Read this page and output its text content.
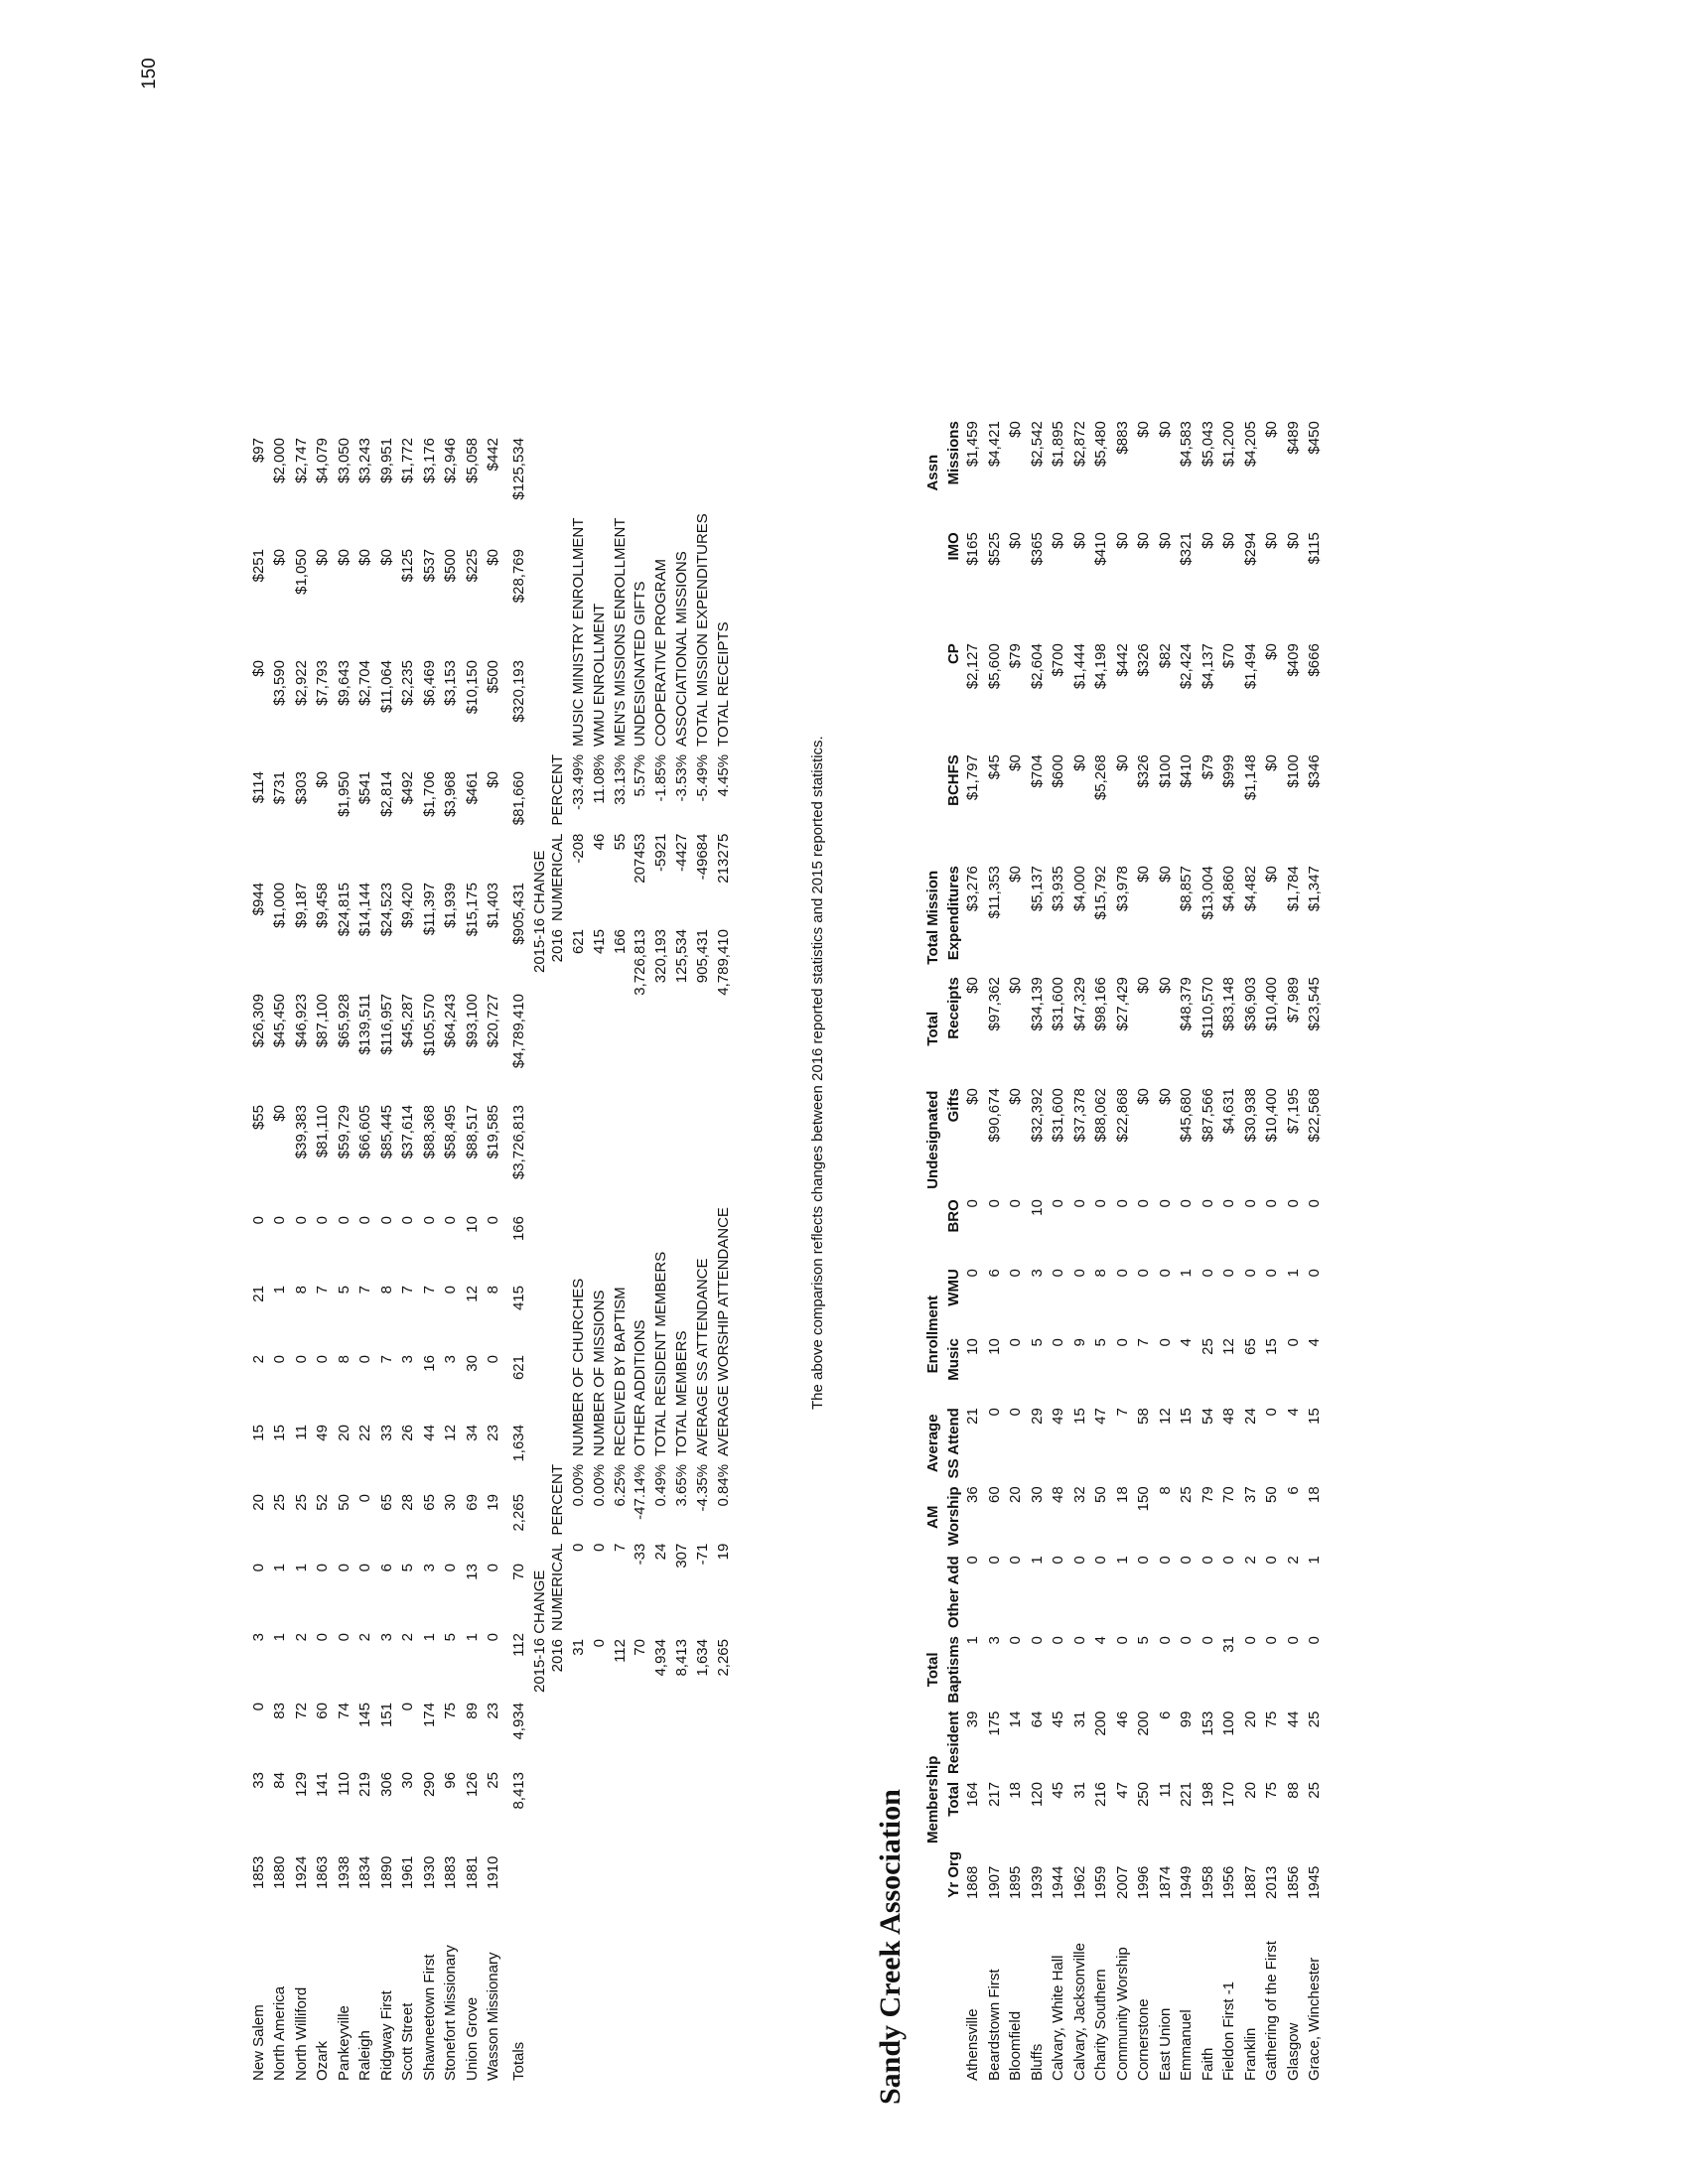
150
New Salem	1853	33	0	3	0	20	15	2	21	0	$55	$26,309	$944	$114	$0	$251	$97
North America	1880	84	83	1	1	25	15	0	1	0	$0	$45,450	$1,000	$731	$3,590	$0	$2,000
North Williford	1924	129	72	2	1	25	11	0	8	0	$39,383	$46,923	$9,187	$303	$2,922	$1,050	$2,747
Ozark	1863	141	60	0	0	52	49	0	7	0	$81,110	$87,100	$9,458	$0	$7,793	$0	$4,079
Pankeyville	1938	110	74	0	0	50	20	8	5	0	$59,729	$65,928	$24,815	$1,950	$9,643	$0	$3,050
Raleigh	1834	219	145	2	0	0	22	0	7	0	$66,605	$139,511	$14,144	$541	$2,704	$0	$3,243
Ridgway First	1890	306	151	3	6	65	33	7	8	0	$85,445	$116,957	$24,523	$2,814	$11,064	$0	$9,951
Scott Street	1961	30	0	2	5	28	26	3	7	0	$37,614	$45,287	$9,420	$492	$2,235	$125	$1,772
Shawneetown First	1930	290	174	1	3	65	44	16	7	0	$88,368	$105,570	$11,397	$1,706	$6,469	$537	$3,176
Stonefort Missionary	1883	96	75	5	0	30	12	3	0	0	$58,495	$64,243	$1,939	$3,968	$3,153	$500	$2,946
Union Grove	1881	126	89	1	13	69	34	30	12	10	$88,517	$93,100	$15,175	$461	$10,150	$225	$5,058
Wasson Missionary	1910	25	23	0	0	19	23	0	8	0	$19,585	$20,727	$1,403	$0	$500	$0	$442
Totals		8,413	4,934	112	70	2,265	1,634	621	415	166	$3,726,813	$4,789,410	$905,431	$81,660	$320,193	$28,769	$125,534
2015-16 CHANGE 2016	NUMERICAL	PERCENT	
31	0	0.00%	NUMBER OF CHURCHES
0	0	0.00%	NUMBER OF MISSIONS
112	7	6.25%	RECEIVED BY BAPTISM
70	-33	-47.14%	OTHER ADDITIONS
4,934	24	0.49%	TOTAL RESIDENT MEMBERS
8,413	307	3.65%	TOTAL MEMBERS
1,634	-71	-4.35%	AVERAGE SS ATTENDANCE
2,265	19	0.84%	AVERAGE WORSHIP ATTENDANCE
2015-16 CHANGE 2016	NUMERICAL	PERCENT	
621	-208	-33.49%	MUSIC MINISTRY ENROLLMENT
415	46	11.08%	WMU ENROLLMENT
166	55	33.13%	MEN'S MISSIONS ENROLLMENT
3,726,813	207453	5.57%	UNDESIGNATED GIFTS
320,193	-5921	-1.85%	COOPERATIVE PROGRAM
125,534	-4427	-3.53%	ASSOCIATIONAL MISSIONS
905,431	-49684	-5.49%	TOTAL MISSION EXPENDITURES
4,789,410	213275	4.45%	TOTAL RECEIPTS
The above comparison reflects changes between 2016 reported statistics and 2015 reported statistics.
Sandy Creek Association
		Membership		Total		AM	Average	Enrollment			Undesignated	Total	Total Mission				Assn
	Yr Org	Total	Resident	Baptisms	Other Add	Worship	SS Attend	Music	WMU	BRO	Gifts	Receipts	Expenditures	BCHFS	CP	IMO	Missions
Athensville	1868	164	39	1	0	36	21	10	0	0	$0	$0	$3,276	$1,797	$2,127	$165	$1,459
Beardstown First	1907	217	175	3	0	60	0	10	6	0	$90,674	$97,362	$11,353	$45	$5,600	$525	$4,421
Bloomfield	1895	18	14	0	0	20	0	0	0	0	$0	$0	$0	$0	$79	$0	$0
Bluffs	1939	120	64	0	1	30	29	5	3	10	$32,392	$34,139	$5,137	$704	$2,604	$365	$2,542
Calvary, White Hall	1944	45	45	0	0	48	49	0	0	0	$31,600	$31,600	$3,935	$600	$700	$0	$1,895
Calvary, Jacksonville	1962	31	31	0	0	32	15	9	0	0	$37,378	$47,329	$4,000	$0	$1,444	$0	$2,872
Charity Southern	1959	216	200	4	0	50	47	5	8	0	$88,062	$98,166	$15,792	$5,268	$4,198	$410	$5,480
Community Worship	2007	47	46	0	1	18	7	0	0	0	$22,868	$27,429	$3,978	$0	$442	$0	$883
Cornerstone	1996	250	200	5	0	150	58	7	0	0	$0	$0	$0	$326	$326	$0	$0
East Union	1874	11	6	0	0	8	12	0	0	0	$0	$0	$0	$100	$82	$0	$0
Emmanuel	1949	221	99	0	0	25	15	4	1	0	$45,680	$48,379	$8,857	$410	$2,424	$321	$4,583
Faith	1958	198	153	0	0	79	54	25	0	0	$87,566	$110,570	$13,004	$79	$4,137	$0	$5,043
Fieldon First -1	1956	170	100	31	0	70	48	12	0	0	$4,631	$83,148	$4,860	$999	$70	$0	$1,200
Franklin	1887	20	20	0	2	37	24	65	0	0	$30,938	$36,903	$4,482	$1,148	$1,494	$294	$4,205
Gathering of the First	2013	75	75	0	0	50	0	15	0	0	$10,400	$10,400	$0	$0	$0	$0	$0
Glasgow	1856	88	44	0	2	6	4	0	1	0	$7,195	$7,989	$1,784	$100	$409	$0	$489
Grace, Winchester	1945	25	25	0	1	18	15	4	0	0	$22,568	$23,545	$1,347	$346	$666	$115	$450
